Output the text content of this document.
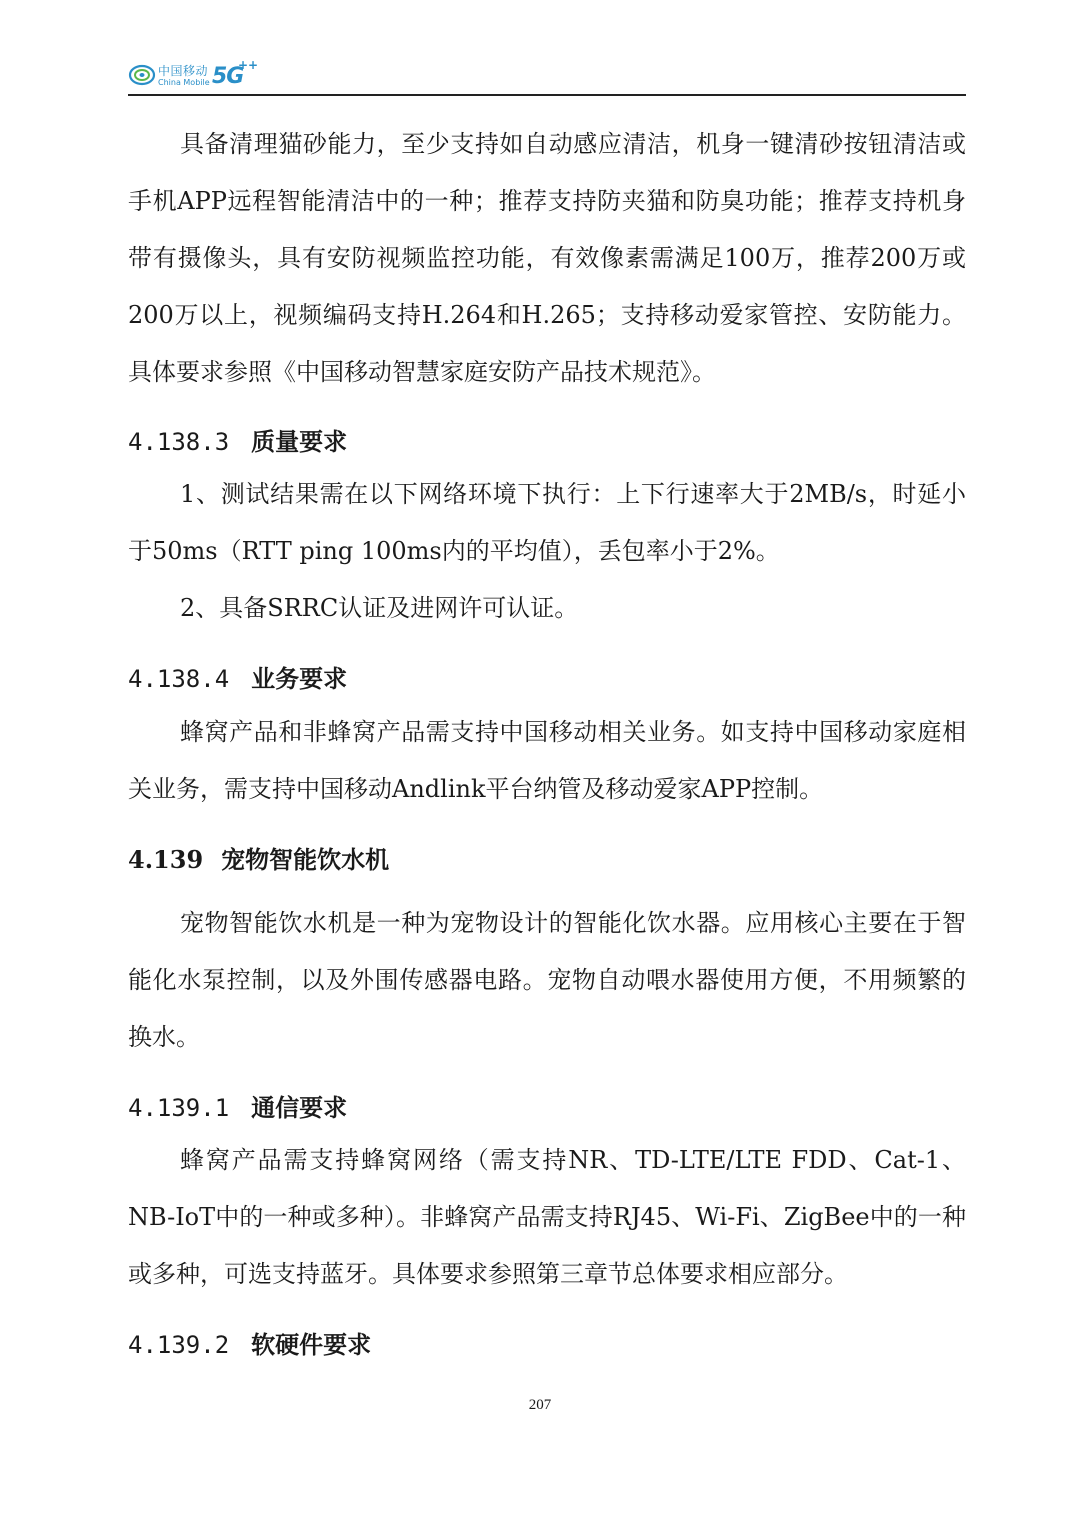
中国移动
China Mobile 5G
++

具备清理猫砂能力，至少支持如自动感应清洁，机身一键清砂按钮清洁或手机APP远程智能清洁中的一种；推荐支持防夹猫和防臭功能；推荐支持机身带有摄像头，具有安防视频监控功能，有效像素需满足100万，推荐200万或200万以上，视频编码支持H.264和H.265；支持移动爱家管控、安防能力。具体要求参照《中国移动智慧家庭安防产品技术规范》。

4.138.3 质量要求

1、测试结果需在以下网络环境下执行：上下行速率大于2MB/s，时延小于50ms（RTT ping 100ms内的平均值），丢包率小于2%。

2、具备SRRC认证及进网许可认证。

4.138.4 业务要求

蜂窝产品和非蜂窝产品需支持中国移动相关业务。如支持中国移动家庭相关业务，需支持中国移动Andlink平台纳管及移动爱家APP控制。

4.139 宠物智能饮水机

宠物智能饮水机是一种为宠物设计的智能化饮水器。应用核心主要在于智能化水泵控制，以及外围传感器电路。宠物自动喂水器使用方便，不用频繁的换水。

4.139.1 通信要求

蜂窝产品需支持蜂窝网络（需支持NR、TD-LTE/LTE FDD、Cat-1、NB-IoT中的一种或多种）。非蜂窝产品需支持RJ45、Wi-Fi、ZigBee中的一种或多种，可选支持蓝牙。具体要求参照第三章节总体要求相应部分。

4.139.2 软硬件要求
207
